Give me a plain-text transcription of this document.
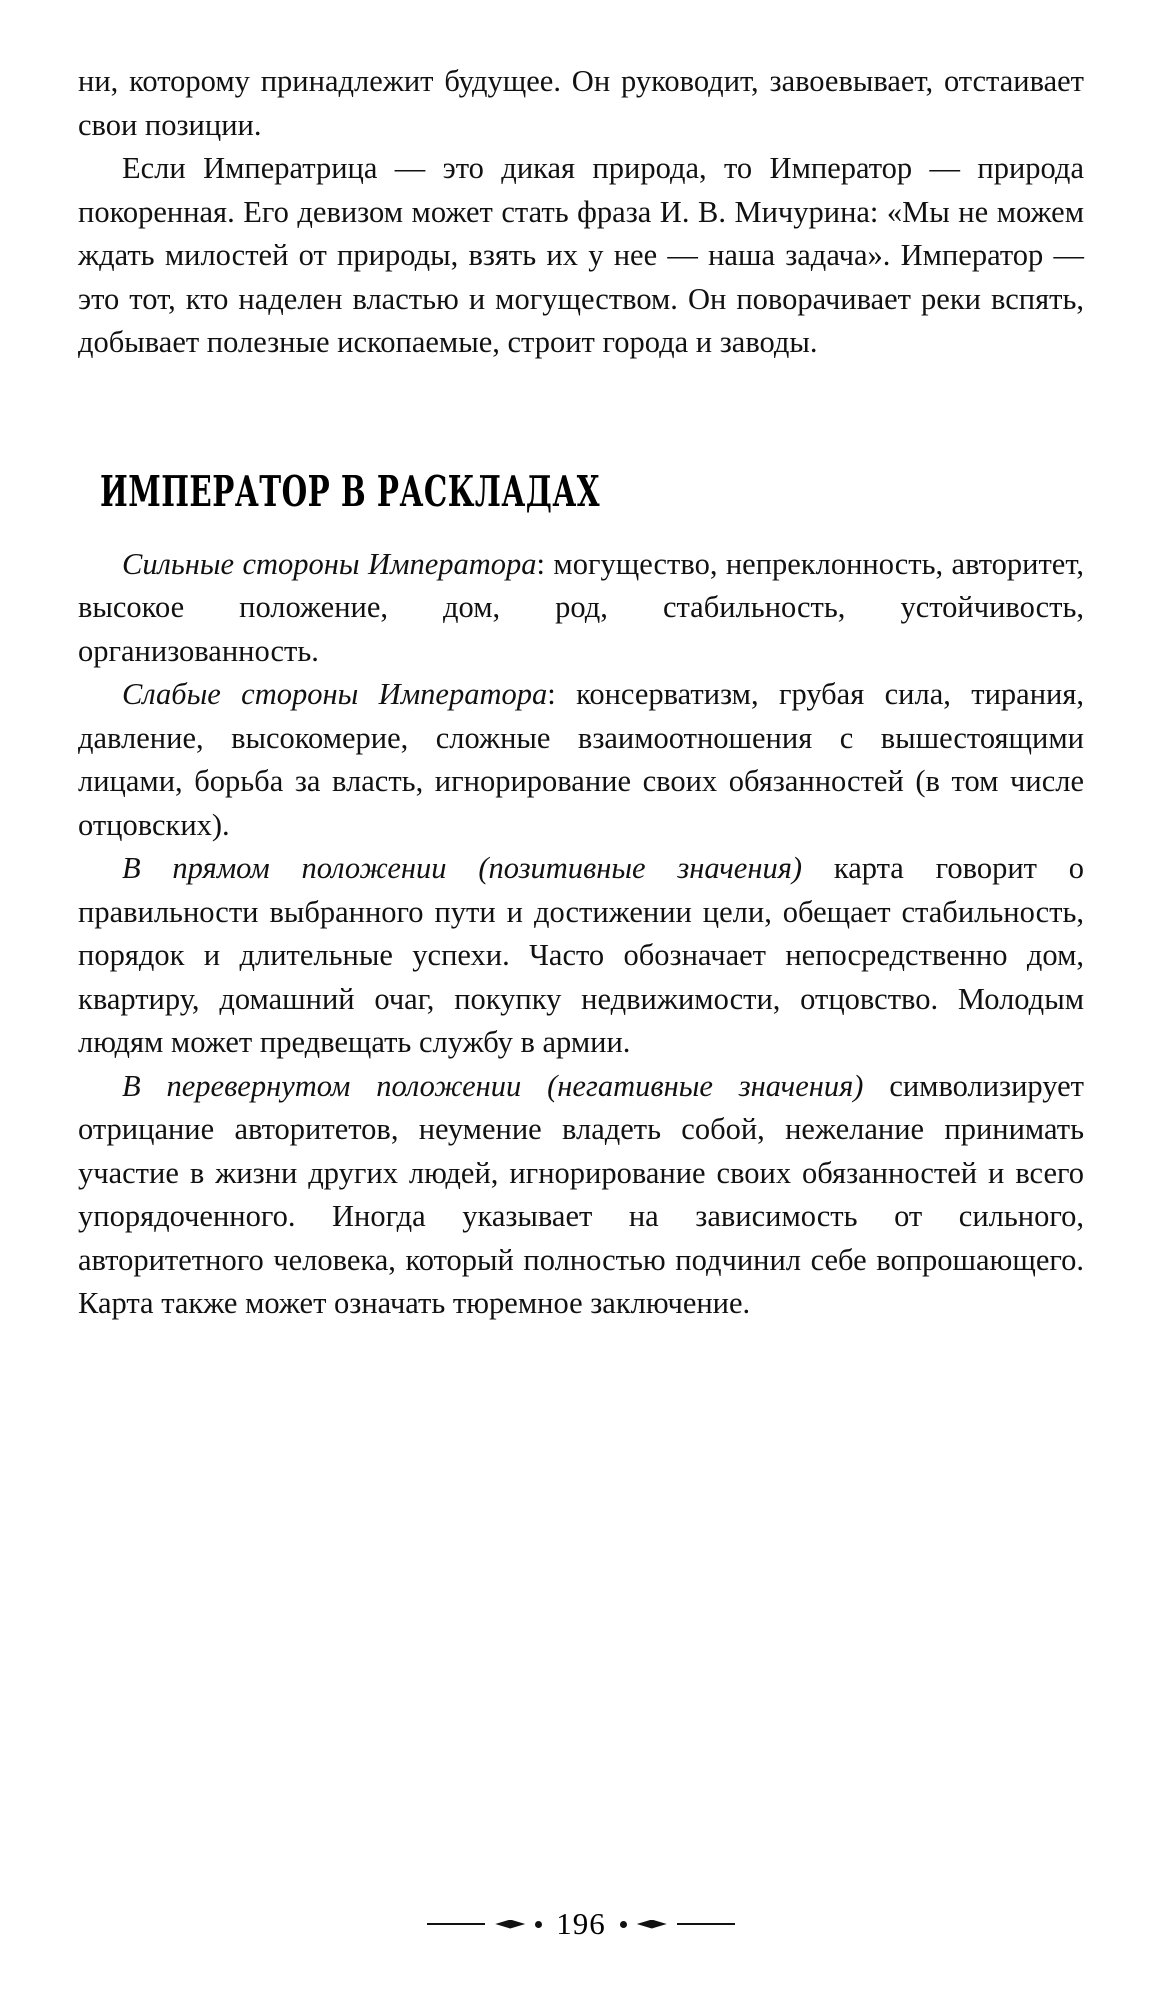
ни, которому принадлежит будущее. Он руководит, завоевывает, отстаивает свои позиции.

Если Императрица — это дикая природа, то Император — природа покоренная. Его девизом может стать фраза И. В. Мичурина: «Мы не можем ждать милостей от природы, взять их у нее — наша задача». Император — это тот, кто наделен властью и могуществом. Он поворачивает реки вспять, добывает полезные ископаемые, строит города и заводы.

ИМПЕРАТОР В РАСКЛАДАХ

Сильные стороны Императора: могущество, непреклонность, авторитет, высокое положение, дом, род, стабильность, устойчивость, организованность.

Слабые стороны Императора: консерватизм, грубая сила, тирания, давление, высокомерие, сложные взаимоотношения с вышестоящими лицами, борьба за власть, игнорирование своих обязанностей (в том числе отцовских).

В прямом положении (позитивные значения) карта говорит о правильности выбранного пути и достижении цели, обещает стабильность, порядок и длительные успехи. Часто обозначает непосредственно дом, квартиру, домашний очаг, покупку недвижимости, отцовство. Молодым людям может предвещать службу в армии.

В перевернутом положении (негативные значения) символизирует отрицание авторитетов, неумение владеть собой, нежелание принимать участие в жизни других людей, игнорирование своих обязанностей и всего упорядоченного. Иногда указывает на зависимость от сильного, авторитетного человека, который полностью подчинил себе вопрошающего. Карта также может означать тюремное заключение.

196
